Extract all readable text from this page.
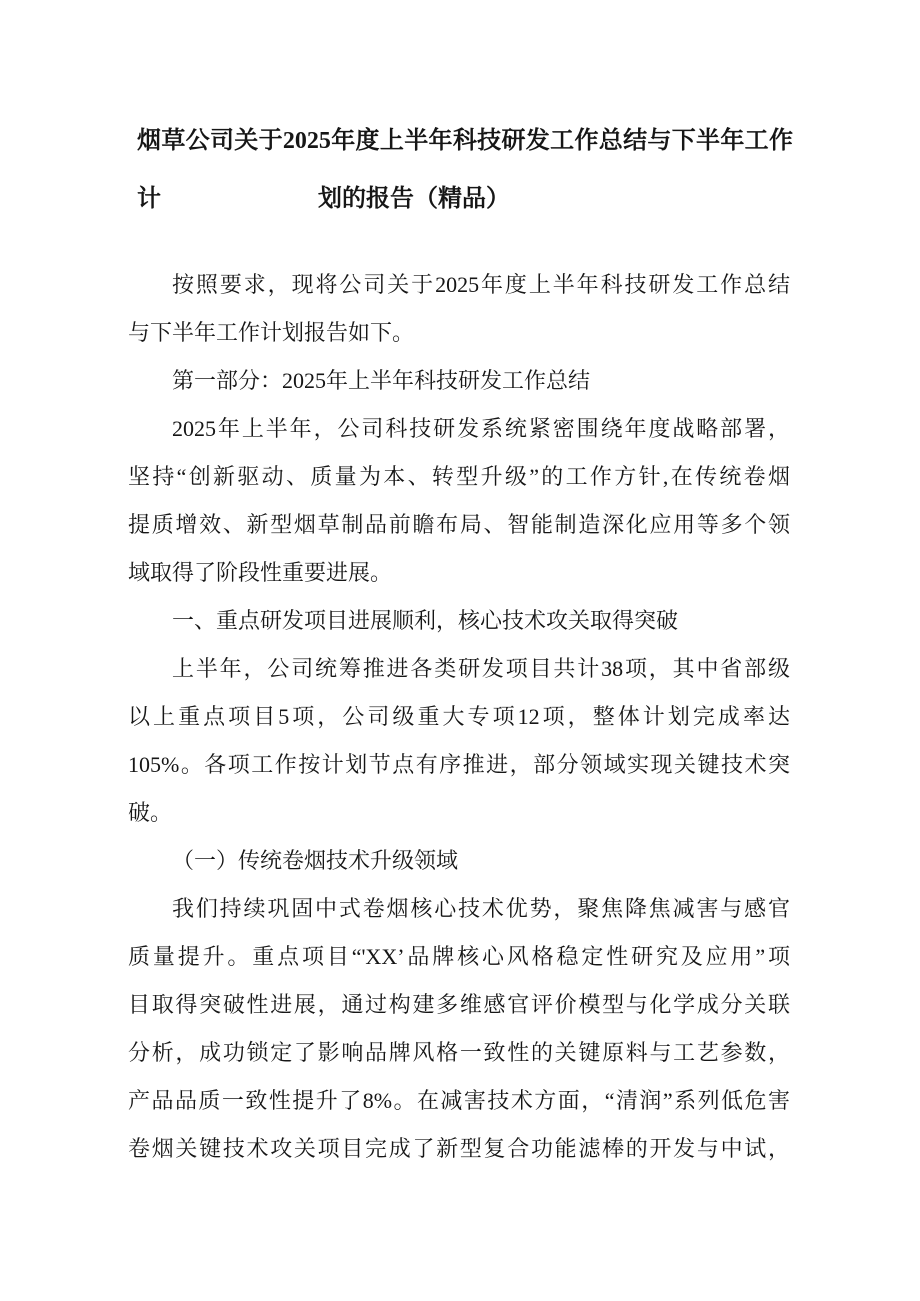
烟草公司关于2025年度上半年科技研发工作总结与下半年工作计	划的报告（精品）
按照要求，现将公司关于2025年度上半年科技研发工作总结
与下半年工作计划报告如下。
第一部分：2025年上半年科技研发工作总结
2025年上半年，公司科技研发系统紧密围绕年度战略部署，
坚持“创新驱动、质量为本、转型升级”的工作方针,在传统卷烟
提质增效、新型烟草制品前瞻布局、智能制造深化应用等多个领
域取得了阶段性重要进展。
一、重点研发项目进展顺利，核心技术攻关取得突破
上半年，公司统筹推进各类研发项目共计38项，其中省部级
以上重点项目5项，公司级重大专项12项，整体计划完成率达
105%。各项工作按计划节点有序推进，部分领域实现关键技术突
破。
（一）传统卷烟技术升级领域
我们持续巩固中式卷烟核心技术优势，聚焦降焦减害与感官
质量提升。重点项目“'XX’品牌核心风格稳定性研究及应用”项
目取得突破性进展，通过构建多维感官评价模型与化学成分关联
分析，成功锁定了影响品牌风格一致性的关键原料与工艺参数，
产品品质一致性提升了8%。在减害技术方面，“清润”系列低危害
卷烟关键技术攻关项目完成了新型复合功能滤棒的开发与中试，
